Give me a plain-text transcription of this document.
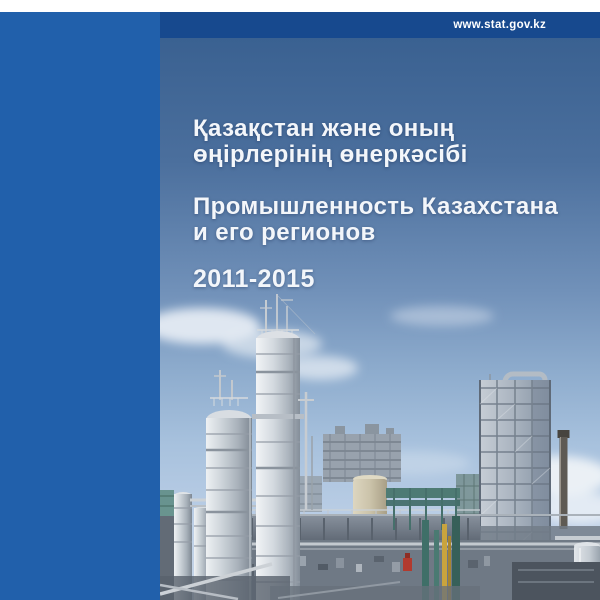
www.stat.gov.kz
Қазақстан және оның
өңірлерінің өнеркәсібі
Промышленность Казахстана
и его регионов
2011-2015
